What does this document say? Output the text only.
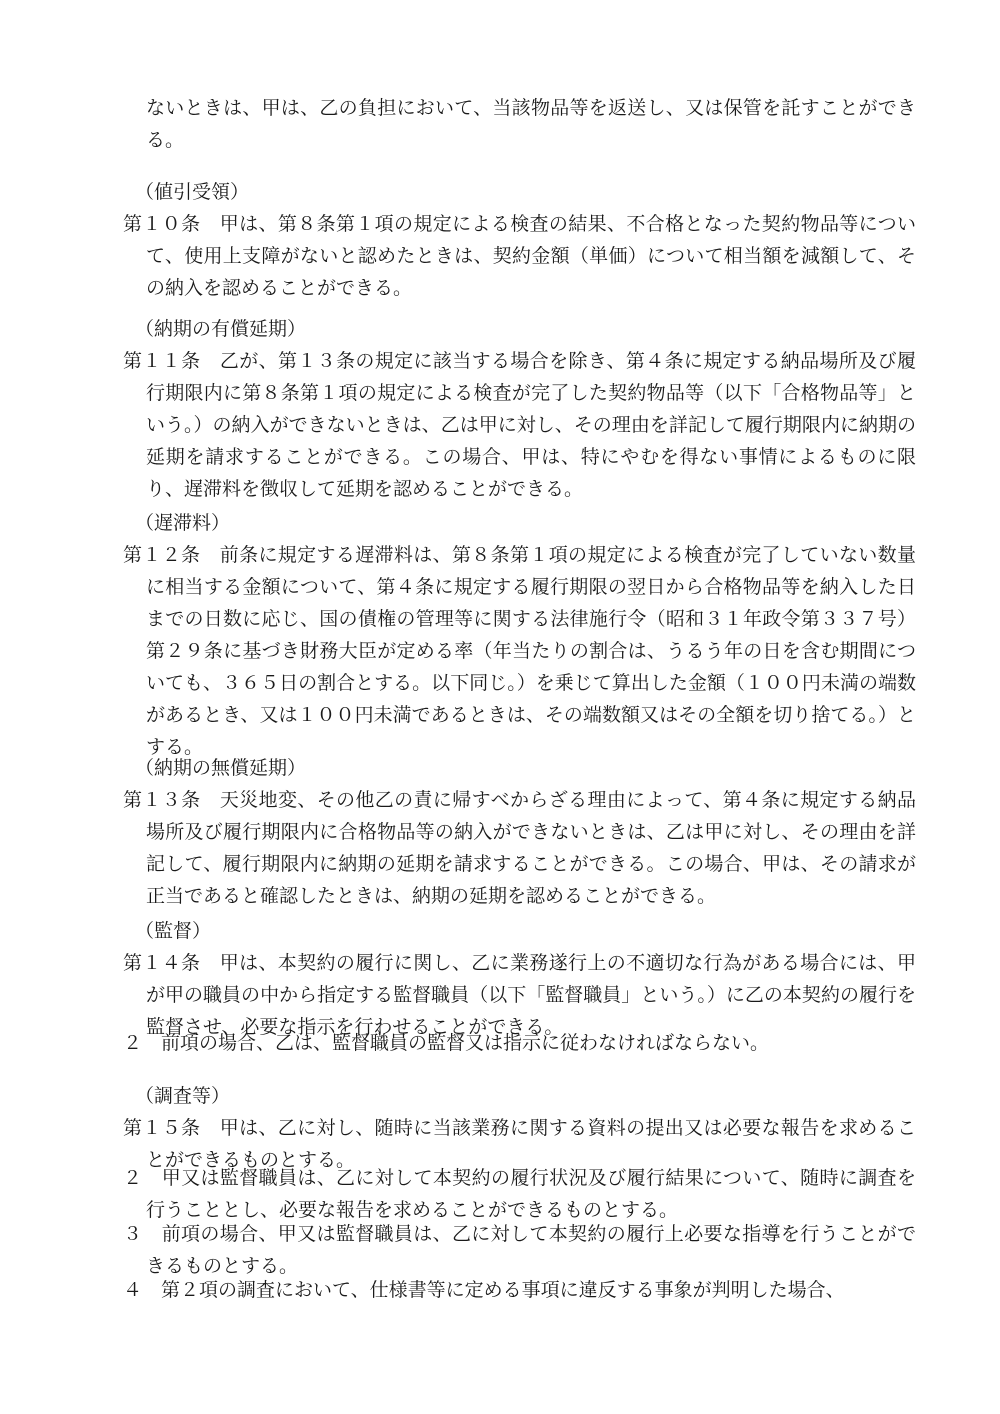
ないときは、甲は、乙の負担において、当該物品等を返送し、又は保管を託すことができる。
（値引受領）
第１０条　甲は、第８条第１項の規定による検査の結果、不合格となった契約物品等について、使用上支障がないと認めたときは、契約金額（単価）について相当額を減額して、その納入を認めることができる。
（納期の有償延期）
第１１条　乙が、第１３条の規定に該当する場合を除き、第４条に規定する納品場所及び履行期限内に第８条第１項の規定による検査が完了した契約物品等（以下「合格物品等」という。）の納入ができないときは、乙は甲に対し、その理由を詳記して履行期限内に納期の延期を請求することができる。この場合、甲は、特にやむを得ない事情によるものに限り、遅滞料を徴収して延期を認めることができる。
（遅滞料）
第１２条　前条に規定する遅滞料は、第８条第１項の規定による検査が完了していない数量に相当する金額について、第４条に規定する履行期限の翌日から合格物品等を納入した日までの日数に応じ、国の債権の管理等に関する法律施行令（昭和３１年政令第３３７号）第２９条に基づき財務大臣が定める率（年当たりの割合は、うるう年の日を含む期間についても、３６５日の割合とする。以下同じ。）を乗じて算出した金額（１００円未満の端数があるとき、又は１００円未満であるときは、その端数額又はその全額を切り捨てる。）とする。
（納期の無償延期）
第１３条　天災地変、その他乙の責に帰すべからざる理由によって、第４条に規定する納品場所及び履行期限内に合格物品等の納入ができないときは、乙は甲に対し、その理由を詳記して、履行期限内に納期の延期を請求することができる。この場合、甲は、その請求が正当であると確認したときは、納期の延期を認めることができる。
（監督）
第１４条　甲は、本契約の履行に関し、乙に業務遂行上の不適切な行為がある場合には、甲が甲の職員の中から指定する監督職員（以下「監督職員」という。）に乙の本契約の履行を監督させ、必要な指示を行わせることができる。
２　前項の場合、乙は、監督職員の監督又は指示に従わなければならない。
（調査等）
第１５条　甲は、乙に対し、随時に当該業務に関する資料の提出又は必要な報告を求めることができるものとする。
２　甲又は監督職員は、乙に対して本契約の履行状況及び履行結果について、随時に調査を行うこととし、必要な報告を求めることができるものとする。
３　前項の場合、甲又は監督職員は、乙に対して本契約の履行上必要な指導を行うことができるものとする。
４　第２項の調査において、仕様書等に定める事項に違反する事象が判明した場合、
